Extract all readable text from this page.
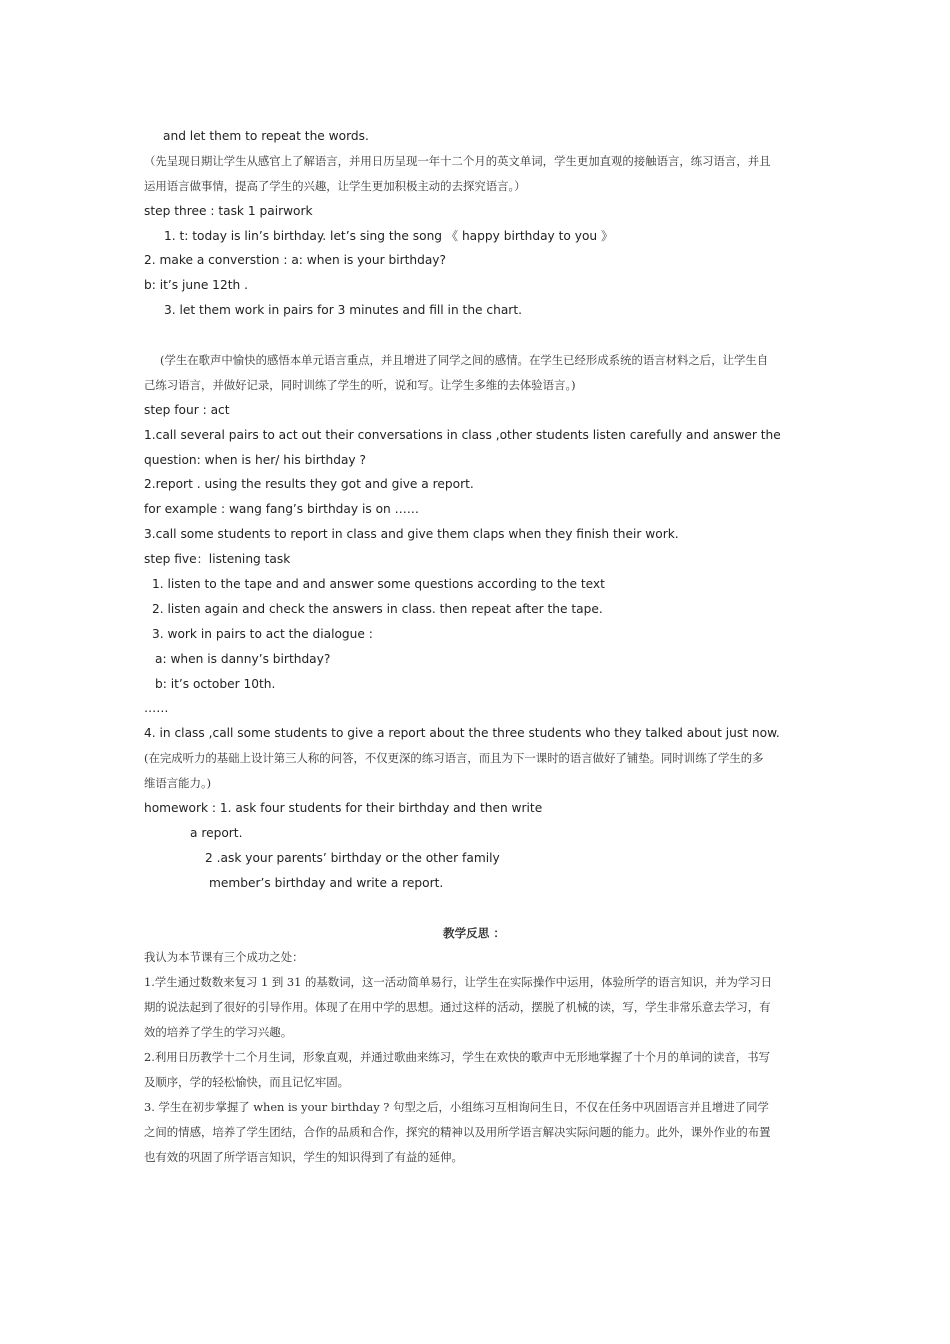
and let them to repeat the words.
（先呈现日期让学生从感官上了解语言，并用日历呈现一年十二个月的英文单词，学生更加直观的接触语言，练习语言，并且
运用语言做事情，提高了学生的兴趣，让学生更加积极主动的去探究语言。）
step three : task 1 pairwork
1. t: today is lin’s birthday. let’s sing the song 《 happy birthday to you 》
2. make a converstion : a: when is your birthday?
b: it’s june 12th .
3. let them work in pairs for 3 minutes and fill in the chart.
(学生在歌声中愉快的感悟本单元语言重点，并且增进了同学之间的感情。在学生已经形成系统的语言材料之后，让学生自
己练习语言，并做好记录，同时训练了学生的听，说和写。让学生多维的去体验语言。)
step four : act
1.call several pairs to act out their conversations in class ,other students listen carefully and answer the
question: when is her/ his birthday ?
2.report . using the results they got and give a report.
for example : wang fang’s birthday is on ……
3.call some students to report in class and give them claps when they finish their work.
step five：listening task
1. listen to the tape and and answer some questions according to the text
2. listen again and check the answers in class. then repeat after the tape.
3. work in pairs to act the dialogue :
a: when is danny’s birthday?
b: it’s october 10th.
……
4. in class ,call some students to give a report about the three students who they talked about just now.
(在完成听力的基础上设计第三人称的问答，不仅更深的练习语言，而且为下一课时的语言做好了铺垫。同时训练了学生的多
维语言能力。)
homework : 1. ask four students for their birthday and then write
a report.
2 .ask your parents’ birthday or the other family
member’s birthday and write a report.
教学反思 ：
我认为本节课有三个成功之处：
1.学生通过数数来复习 1 到 31 的基数词，这一活动简单易行，让学生在实际操作中运用，体验所学的语言知识，并为学习日
期的说法起到了很好的引导作用。体现了在用中学的思想。通过这样的活动，摆脱了机械的读，写，学生非常乐意去学习，有
效的培养了学生的学习兴趣。
2.利用日历教学十二个月生词，形象直观，并通过歌曲来练习，学生在欢快的歌声中无形地掌握了十个月的单词的读音，书写
及顺序，学的轻松愉快，而且记忆牢固。
3. 学生在初步掌握了 when is your birthday ? 句型之后，小组练习互相询问生日，不仅在任务中巩固语言并且增进了同学
之间的情感，培养了学生团结，合作的品质和合作，探究的精神以及用所学语言解决实际问题的能力。此外，课外作业的布置
也有效的巩固了所学语言知识，学生的知识得到了有益的延伸。
